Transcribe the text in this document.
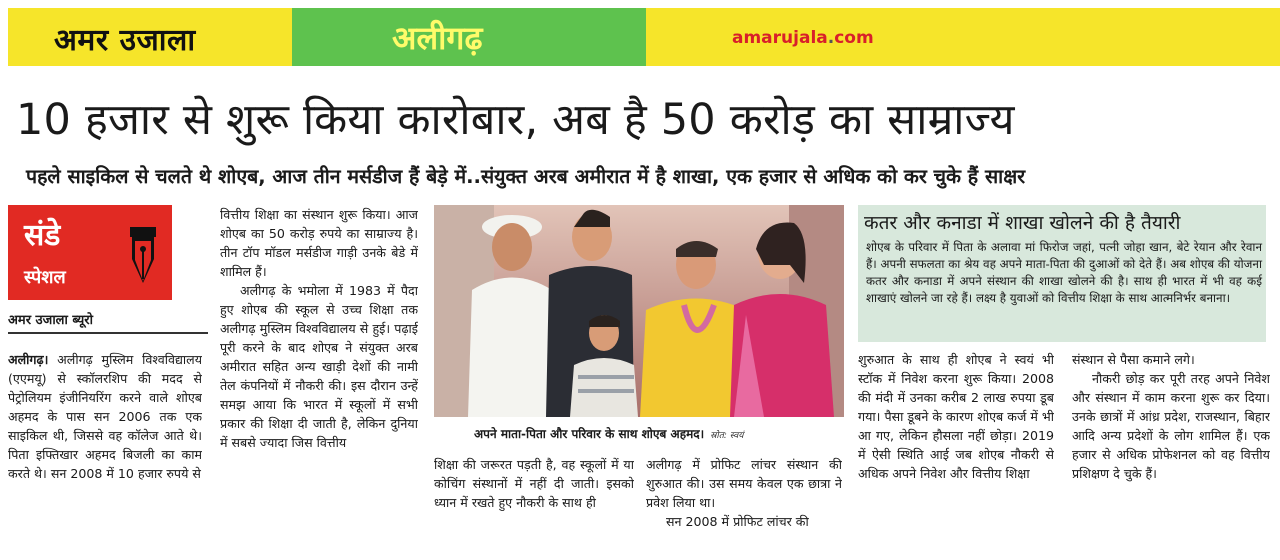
अमर उजाला	अलीगढ़	amarujala.com
10 हजार से शुरू किया कारोबार, अब है 50 करोड़ का साम्राज्य
पहले साइकिल से चलते थे शोएब, आज तीन मर्सडीज हैं बेड़े में..संयुक्त अरब अमीरात में है शाखा, एक हजार से अधिक को कर चुके हैं साक्षर
संडे
स्पेशल
अमर उजाला ब्यूरो

अलीगढ़। अलीगढ़ मुस्लिम विश्वविद्यालय (एएमयू) से स्कॉलरशिप की मदद से पेट्रोलियम इंजीनियरिंग करने वाले शोएब अहमद के पास सन 2006 तक एक साइकिल थी, जिससे वह कॉलेज आते थे। पिता इफ्तिखार अहमद बिजली का काम करते थे। सन 2008 में 10 हजार रुपये से

वित्तीय शिक्षा का संस्थान शुरू किया। आज शोएब का 50 करोड़ रुपये का साम्राज्य है। तीन टॉप मॉडल मर्सडीज गाड़ी उनके बेडे में शामिल हैं।

अलीगढ़ के भमोला में 1983 में पैदा हुए शोएब की स्कूल से उच्च शिक्षा तक अलीगढ़ मुस्लिम विश्वविद्यालय से हुई। पढ़ाई पूरी करने के बाद शोएब ने संयुक्त अरब अमीरात सहित अन्य खाड़ी देशों की नामी तेल कंपनियों में नौकरी की। इस दौरान उन्हें समझ आया कि भारत में स्कूलों में सभी प्रकार की शिक्षा दी जाती है, लेकिन दुनिया में सबसे ज्यादा जिस वित्तीय

अपने माता-पिता और परिवार के साथ शोएब अहमद। स्रोत: स्वयं

शिक्षा की जरूरत पड़ती है, वह स्कूलों में या कोचिंग संस्थानों में नहीं दी जाती। इसको ध्यान में रखते हुए नौकरी के साथ ही

अलीगढ़ में प्रोफिट लांचर संस्थान की शुरुआत की। उस समय केवल एक छात्रा ने प्रवेश लिया था।

सन 2008 में प्रोफिट लांचर की

कतर और कनाडा में शाखा खोलने की है तैयारी
शोएब के परिवार में पिता के अलावा मां फिरोज जहां, पत्नी जोहा खान, बेटे रेयान और रेवान हैं। अपनी सफलता का श्रेय वह अपने माता-पिता की दुआओं को देते हैं। अब शोएब की योजना कतर और कनाडा में अपने संस्थान की शाखा खोलने की है। साथ ही भारत में भी वह कई शाखाएं खोलने जा रहे हैं। लक्ष्य है युवाओं को वित्तीय शिक्षा के साथ आत्मनिर्भर बनाना।

शुरुआत के साथ ही शोएब ने स्वयं भी स्टॉक में निवेश करना शुरू किया। 2008 की मंदी में उनका करीब 2 लाख रुपया डूब गया। पैसा डूबने के कारण शोएब कर्ज में भी आ गए, लेकिन हौसला नहीं छोड़ा। 2019 में ऐसी स्थिति आई जब शोएब नौकरी से अधिक अपने निवेश और वित्तीय शिक्षा

संस्थान से पैसा कमाने लगे।

नौकरी छोड़ कर पूरी तरह अपने निवेश और संस्थान में काम करना शुरू कर दिया। उनके छात्रों में आंध्र प्रदेश, राजस्थान, बिहार आदि अन्य प्रदेशों के लोग शामिल हैं। एक हजार से अधिक प्रोफेशनल को वह वित्तीय प्रशिक्षण दे चुके हैं।
